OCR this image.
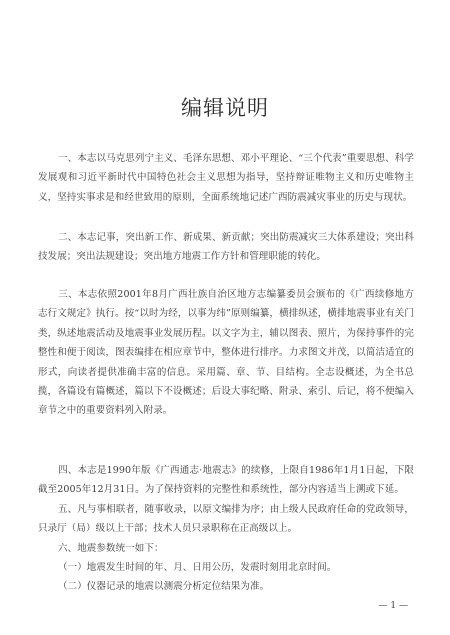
编辑说明
一、本志以马克思列宁主义、毛泽东思想、邓小平理论、“三个代表”重要思想、科学发展观和习近平新时代中国特色社会主义思想为指导，坚持辩证唯物主义和历史唯物主义，坚持实事求是和经世致用的原则，全面系统地记述广西防震减灾事业的历史与现状。
二、本志记事，突出新工作、新成果、新贡献；突出防震减灾三大体系建设；突出科技发展；突出法规建设；突出地方地震工作方针和管理职能的转化。
三、本志依照2001年8月广西壮族自治区地方志编纂委员会颁布的《广西续修地方志行文规定》执行。按“以时为经，以事为纬”原则编纂，横排纵述，横排地震事业有关门类，纵述地震活动及地震事业发展历程。以文字为主，辅以图表、照片，为保持事件的完整性和便于阅读，图表编排在相应章节中，整体进行排序。力求图文并茂，以简洁适宜的形式，向读者提供准确丰富的信息。采用篇、章、节、目结构。全志设概述，为全书总揽，各篇设有篇概述，篇以下不设概述；后设大事纪略、附录、索引、后记，将不便编入章节之中的重要资料列入附录。
四、本志是1990年版《广西通志·地震志》的续修，上限自1986年1月1日起，下限截至2005年12月31日。为了保持资料的完整性和系统性，部分内容适当上溯或下延。
五、凡与事相联者，随事收录，以原文编排为序；由上级人民政府任命的党政领导，只录厅（局）级以上干部；技术人员只录职称在正高级以上。
六、地震参数统一如下：
（一）地震发生时间的年、月、日用公历，发震时刻用北京时间。
（二）仪器记录的地震以测震分析定位结果为准。
— 1 —
